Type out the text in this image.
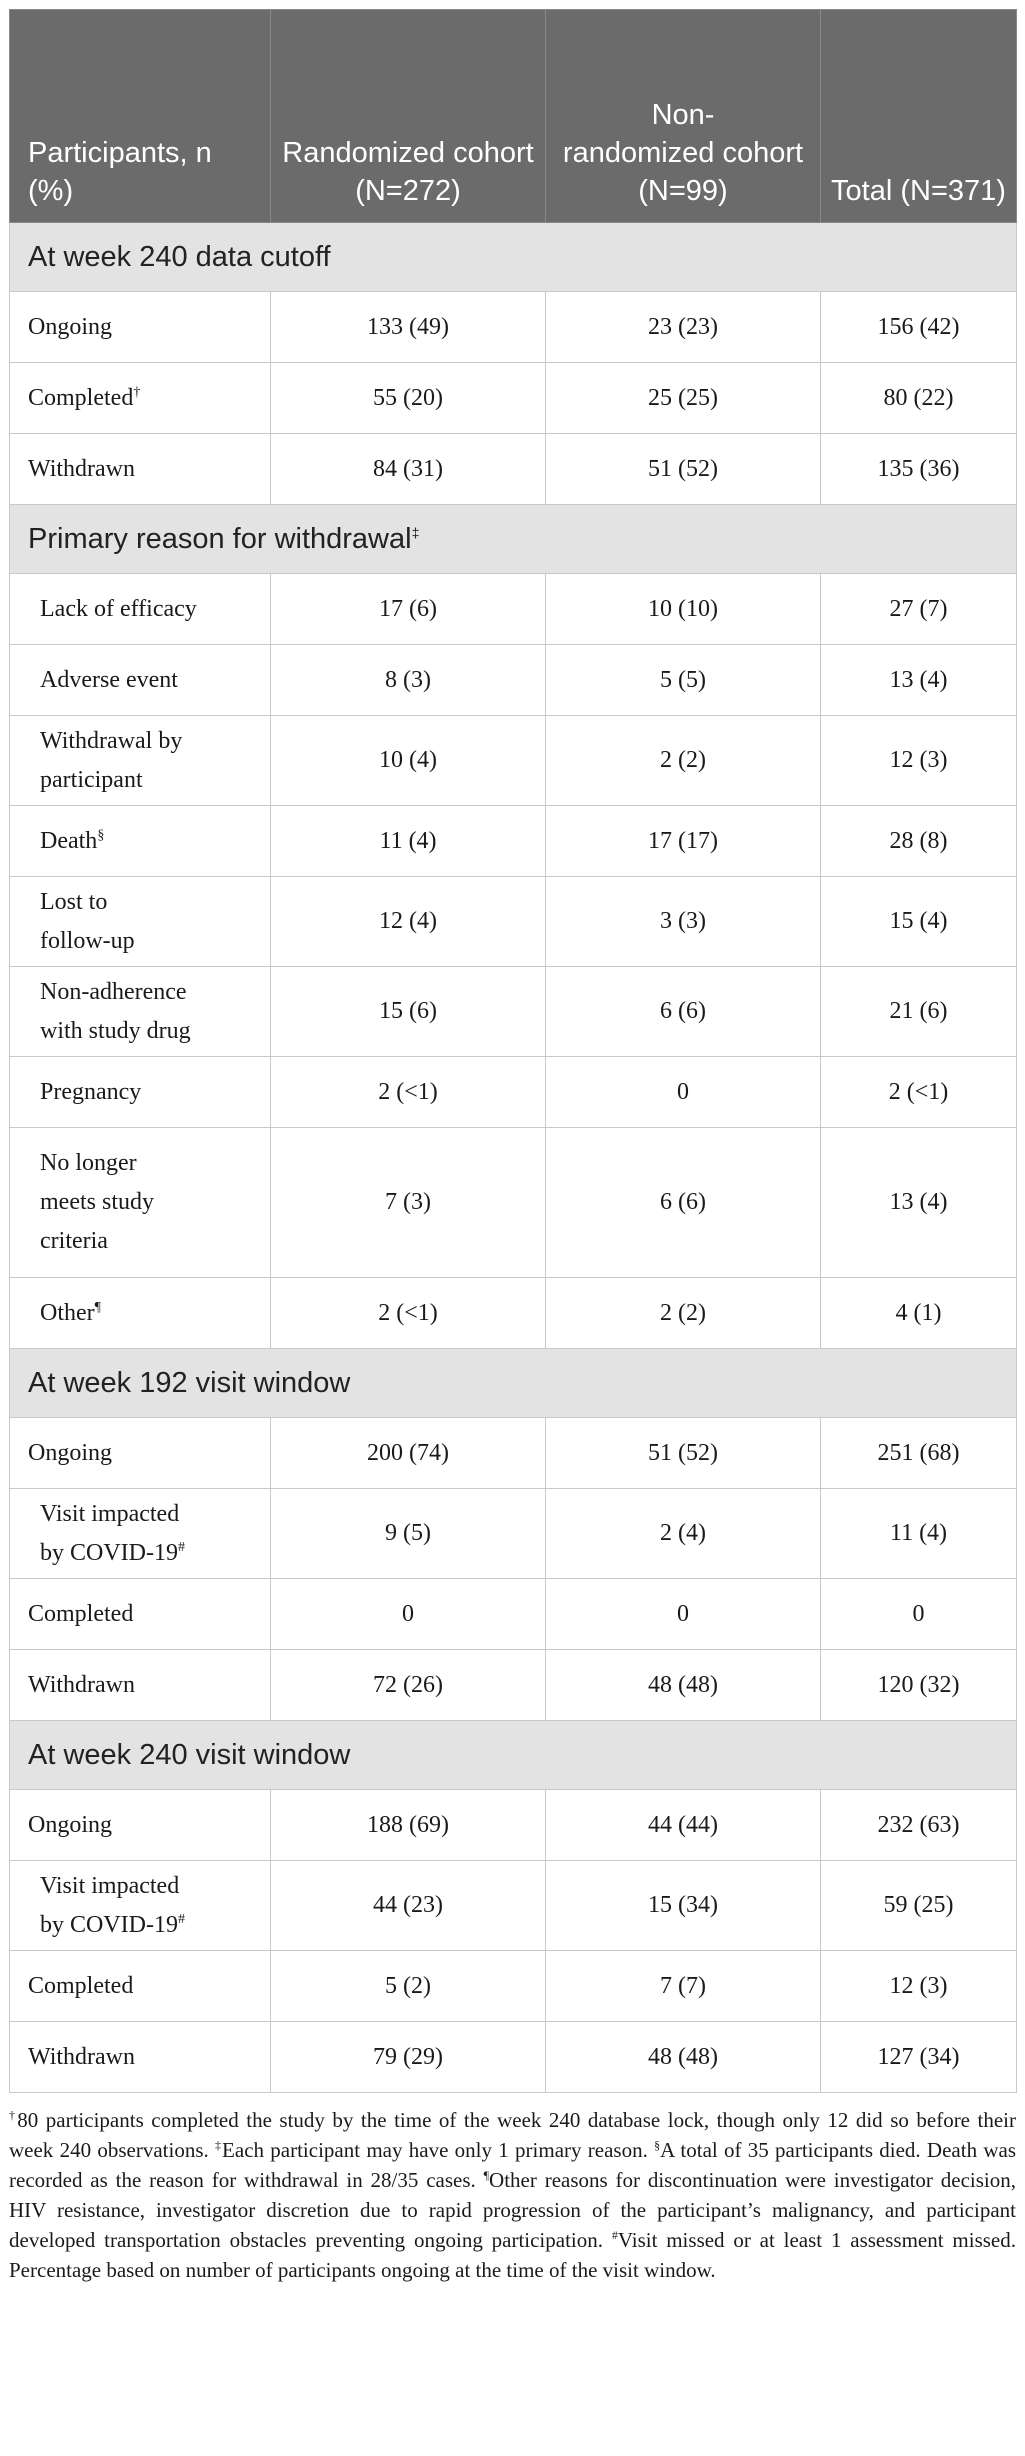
Participants, n (%)	Randomized cohort (N=272)	Non-
randomized cohort (N=99)	Total (N=371)
At week 240 data cutoff			
Ongoing	133 (49)	23 (23)	156 (42)
Completed†	55 (20)	25 (25)	80 (22)
Withdrawn	84 (31)	51 (52)	135 (36)
Primary reason for withdrawal‡
Lack of efficacy	17 (6)	10 (10)	27 (7)
Adverse event	8 (3)	5 (5)	13 (4)
Withdrawal by
participant	10 (4)	2 (2)	12 (3)
Death§	11 (4)	17 (17)	28 (8)
Lost to
follow-up	12 (4)	3 (3)	15 (4)
Non-adherence
with study drug	15 (6)	6 (6)	21 (6)
Pregnancy	2 (<1)	0	2 (<1)
No longer
meets study
criteria	7 (3)	6 (6)	13 (4)
Other¶	2 (<1)	2 (2)	4 (1)
At week 192 visit window			
Ongoing	200 (74)	51 (52)	251 (68)
Visit impacted
by COVID-19#	9 (5)	2 (4)	11 (4)
Completed	0	0	0
Withdrawn	72 (26)	48 (48)	120 (32)
At week 240 visit window			
Ongoing	188 (69)	44 (44)	232 (63)
Visit impacted
by COVID-19#	44 (23)	15 (34)	59 (25)
Completed	5 (2)	7 (7)	12 (3)
Withdrawn	79 (29)	48 (48)	127 (34)
†80 participants completed the study by the time of the week 240 database lock, though only 12 did so before their week 240 observations. ‡Each participant may have only 1 primary reason. §A total of 35 participants died. Death was recorded as the reason for withdrawal in 28/35 cases. ¶Other reasons for discontinuation were investigator decision, HIV resistance, investigator discretion due to rapid progression of the participant’s malignancy, and participant developed transportation obstacles preventing ongoing participation. #Visit missed or at least 1 assessment missed. Percentage based on number of participants ongoing at the time of the visit window.
